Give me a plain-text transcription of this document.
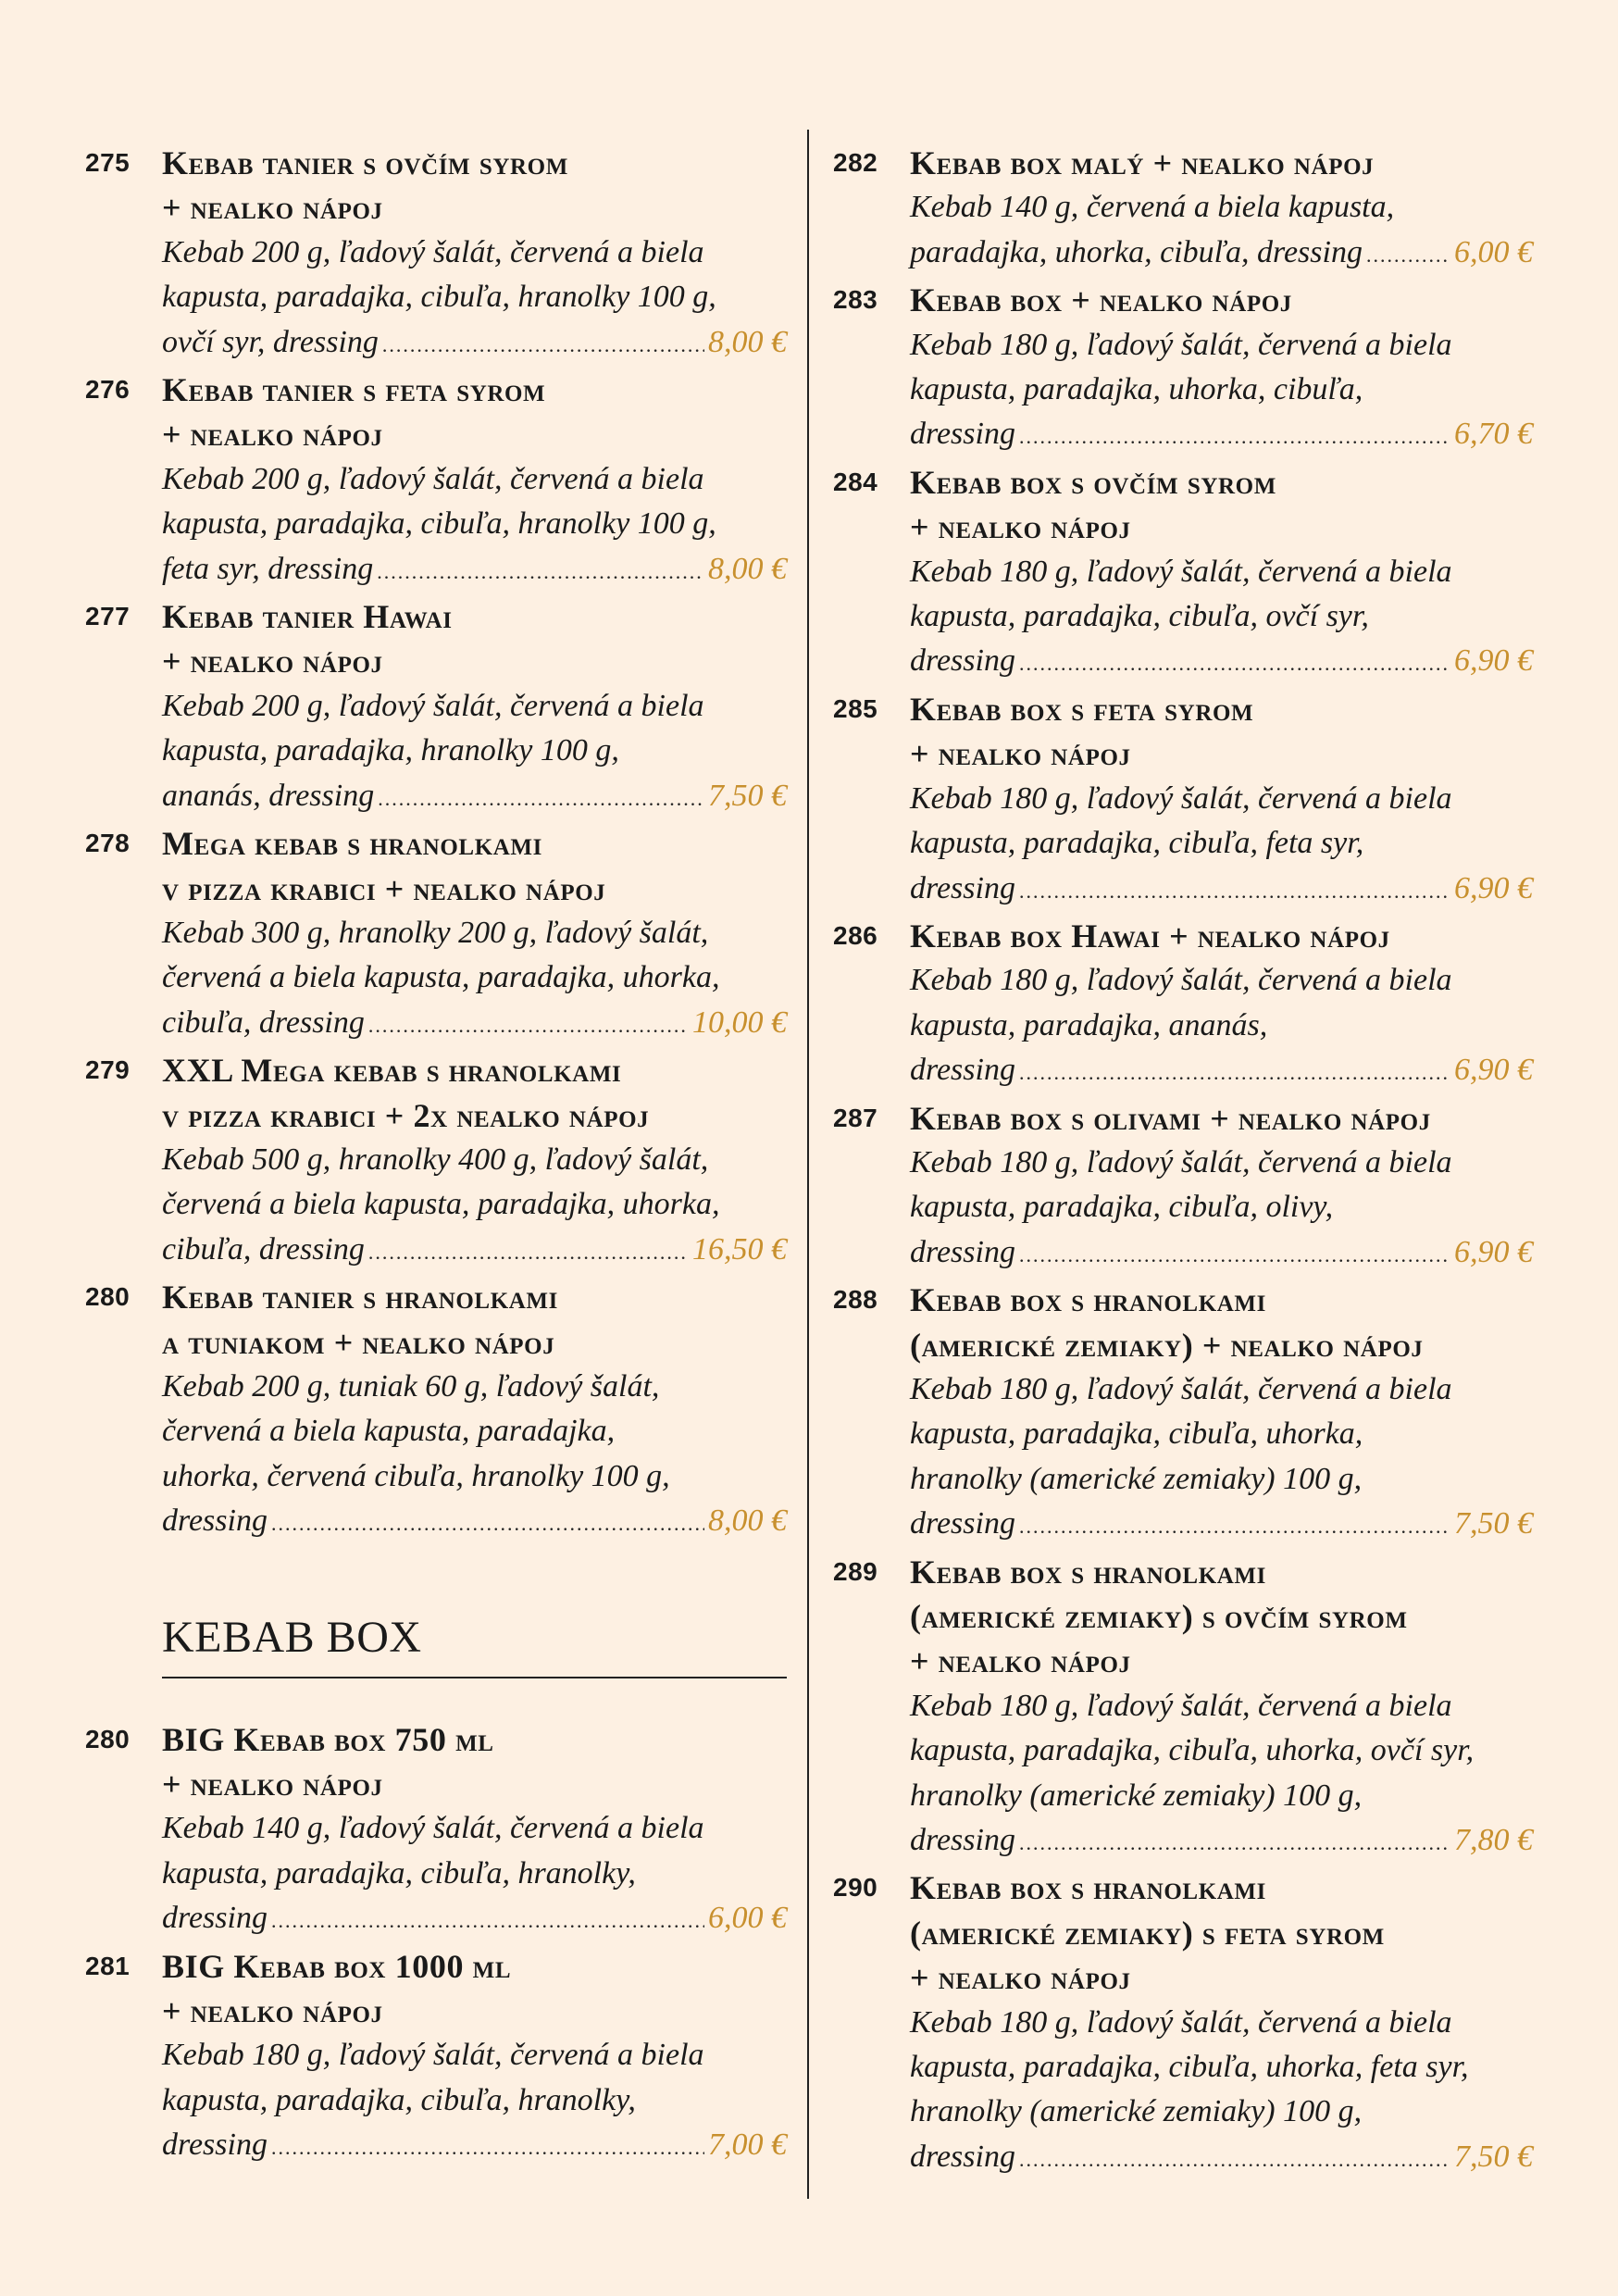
275 Kebab tanier s ovčím syrom
+ nealko nápoj
Kebab 200 g, ľadový šalát, červená a biela
kapusta, paradajka, cibuľa, hranolky 100 g,
ovčí syr, dressing .....	8,00 €
276 Kebab tanier s feta syrom
+ nealko nápoj
Kebab 200 g, ľadový šalát, červená a biela
kapusta, paradajka, cibuľa, hranolky 100 g,
feta syr, dressing .....	8,00 €
277 Kebab tanier Hawai
+ nealko nápoj
Kebab 200 g, ľadový šalát, červená a biela
kapusta, paradajka, hranolky 100 g,
ananás, dressing .....	7,50 €
278 Mega kebab s hranolkami
v pizza krabici + nealko nápoj
Kebab 300 g, hranolky 200 g, ľadový šalát,
červená a biela kapusta, paradajka, uhorka,
cibuľa, dressing .....	10,00 €
279 XXL Mega kebab s hranolkami
v pizza krabici + 2x nealko nápoj
Kebab 500 g, hranolky 400 g, ľadový šalát,
červená a biela kapusta, paradajka, uhorka,
cibuľa, dressing .....	16,50 €
280 Kebab tanier s hranolkami
a tuniakom + nealko nápoj
Kebab 200 g, tuniak 60 g, ľadový šalát,
červená a biela kapusta, paradajka,
uhorka, červená cibuľa, hranolky 100 g,
dressing .....	8,00 €
KEBAB BOX
280 BIG Kebab box 750 ml
+ nealko nápoj
Kebab 140 g, ľadový šalát, červená a biela
kapusta, paradajka, cibuľa, hranolky,
dressing .....	6,00 €
281 BIG Kebab box 1000 ml
+ nealko nápoj
Kebab 180 g, ľadový šalát, červená a biela
kapusta, paradajka, cibuľa, hranolky,
dressing .....	7,00 €
282 Kebab box malý + nealko nápoj
Kebab 140 g, červená a biela kapusta,
paradajka, uhorka, cibuľa, dressing .....	6,00 €
283 Kebab box + nealko nápoj
Kebab 180 g, ľadový šalát, červená a biela
kapusta, paradajka, uhorka, cibuľa,
dressing .....	6,70 €
284 Kebab box s ovčím syrom
+ nealko nápoj
Kebab 180 g, ľadový šalát, červená a biela
kapusta, paradajka, cibuľa, ovčí syr,
dressing .....	6,90 €
285 Kebab box s feta syrom
+ nealko nápoj
Kebab 180 g, ľadový šalát, červená a biela
kapusta, paradajka, cibuľa, feta syr,
dressing .....	6,90 €
286 Kebab box Hawai + nealko nápoj
Kebab 180 g, ľadový šalát, červená a biela
kapusta, paradajka, ananás,
dressing .....	6,90 €
287 Kebab box s olivami + nealko nápoj
Kebab 180 g, ľadový šalát, červená a biela
kapusta, paradajka, cibuľa, olivy,
dressing .....	6,90 €
288 Kebab box s hranolkami
(americké zemiaky) + nealko nápoj
Kebab 180 g, ľadový šalát, červená a biela
kapusta, paradajka, cibuľa, uhorka,
hranolky (americké zemiaky) 100 g,
dressing .....	7,50 €
289 Kebab box s hranolkami
(americké zemiaky) s ovčím syrom
+ nealko nápoj
Kebab 180 g, ľadový šalát, červená a biela
kapusta, paradajka, cibuľa, uhorka, ovčí syr,
hranolky (americké zemiaky) 100 g,
dressing .....	7,80 €
290 Kebab box s hranolkami
(americké zemiaky) s feta syrom
+ nealko nápoj
Kebab 180 g, ľadový šalát, červená a biela
kapusta, paradajka, cibuľa, uhorka, feta syr,
hranolky (americké zemiaky) 100 g,
dressing .....	7,50 €
